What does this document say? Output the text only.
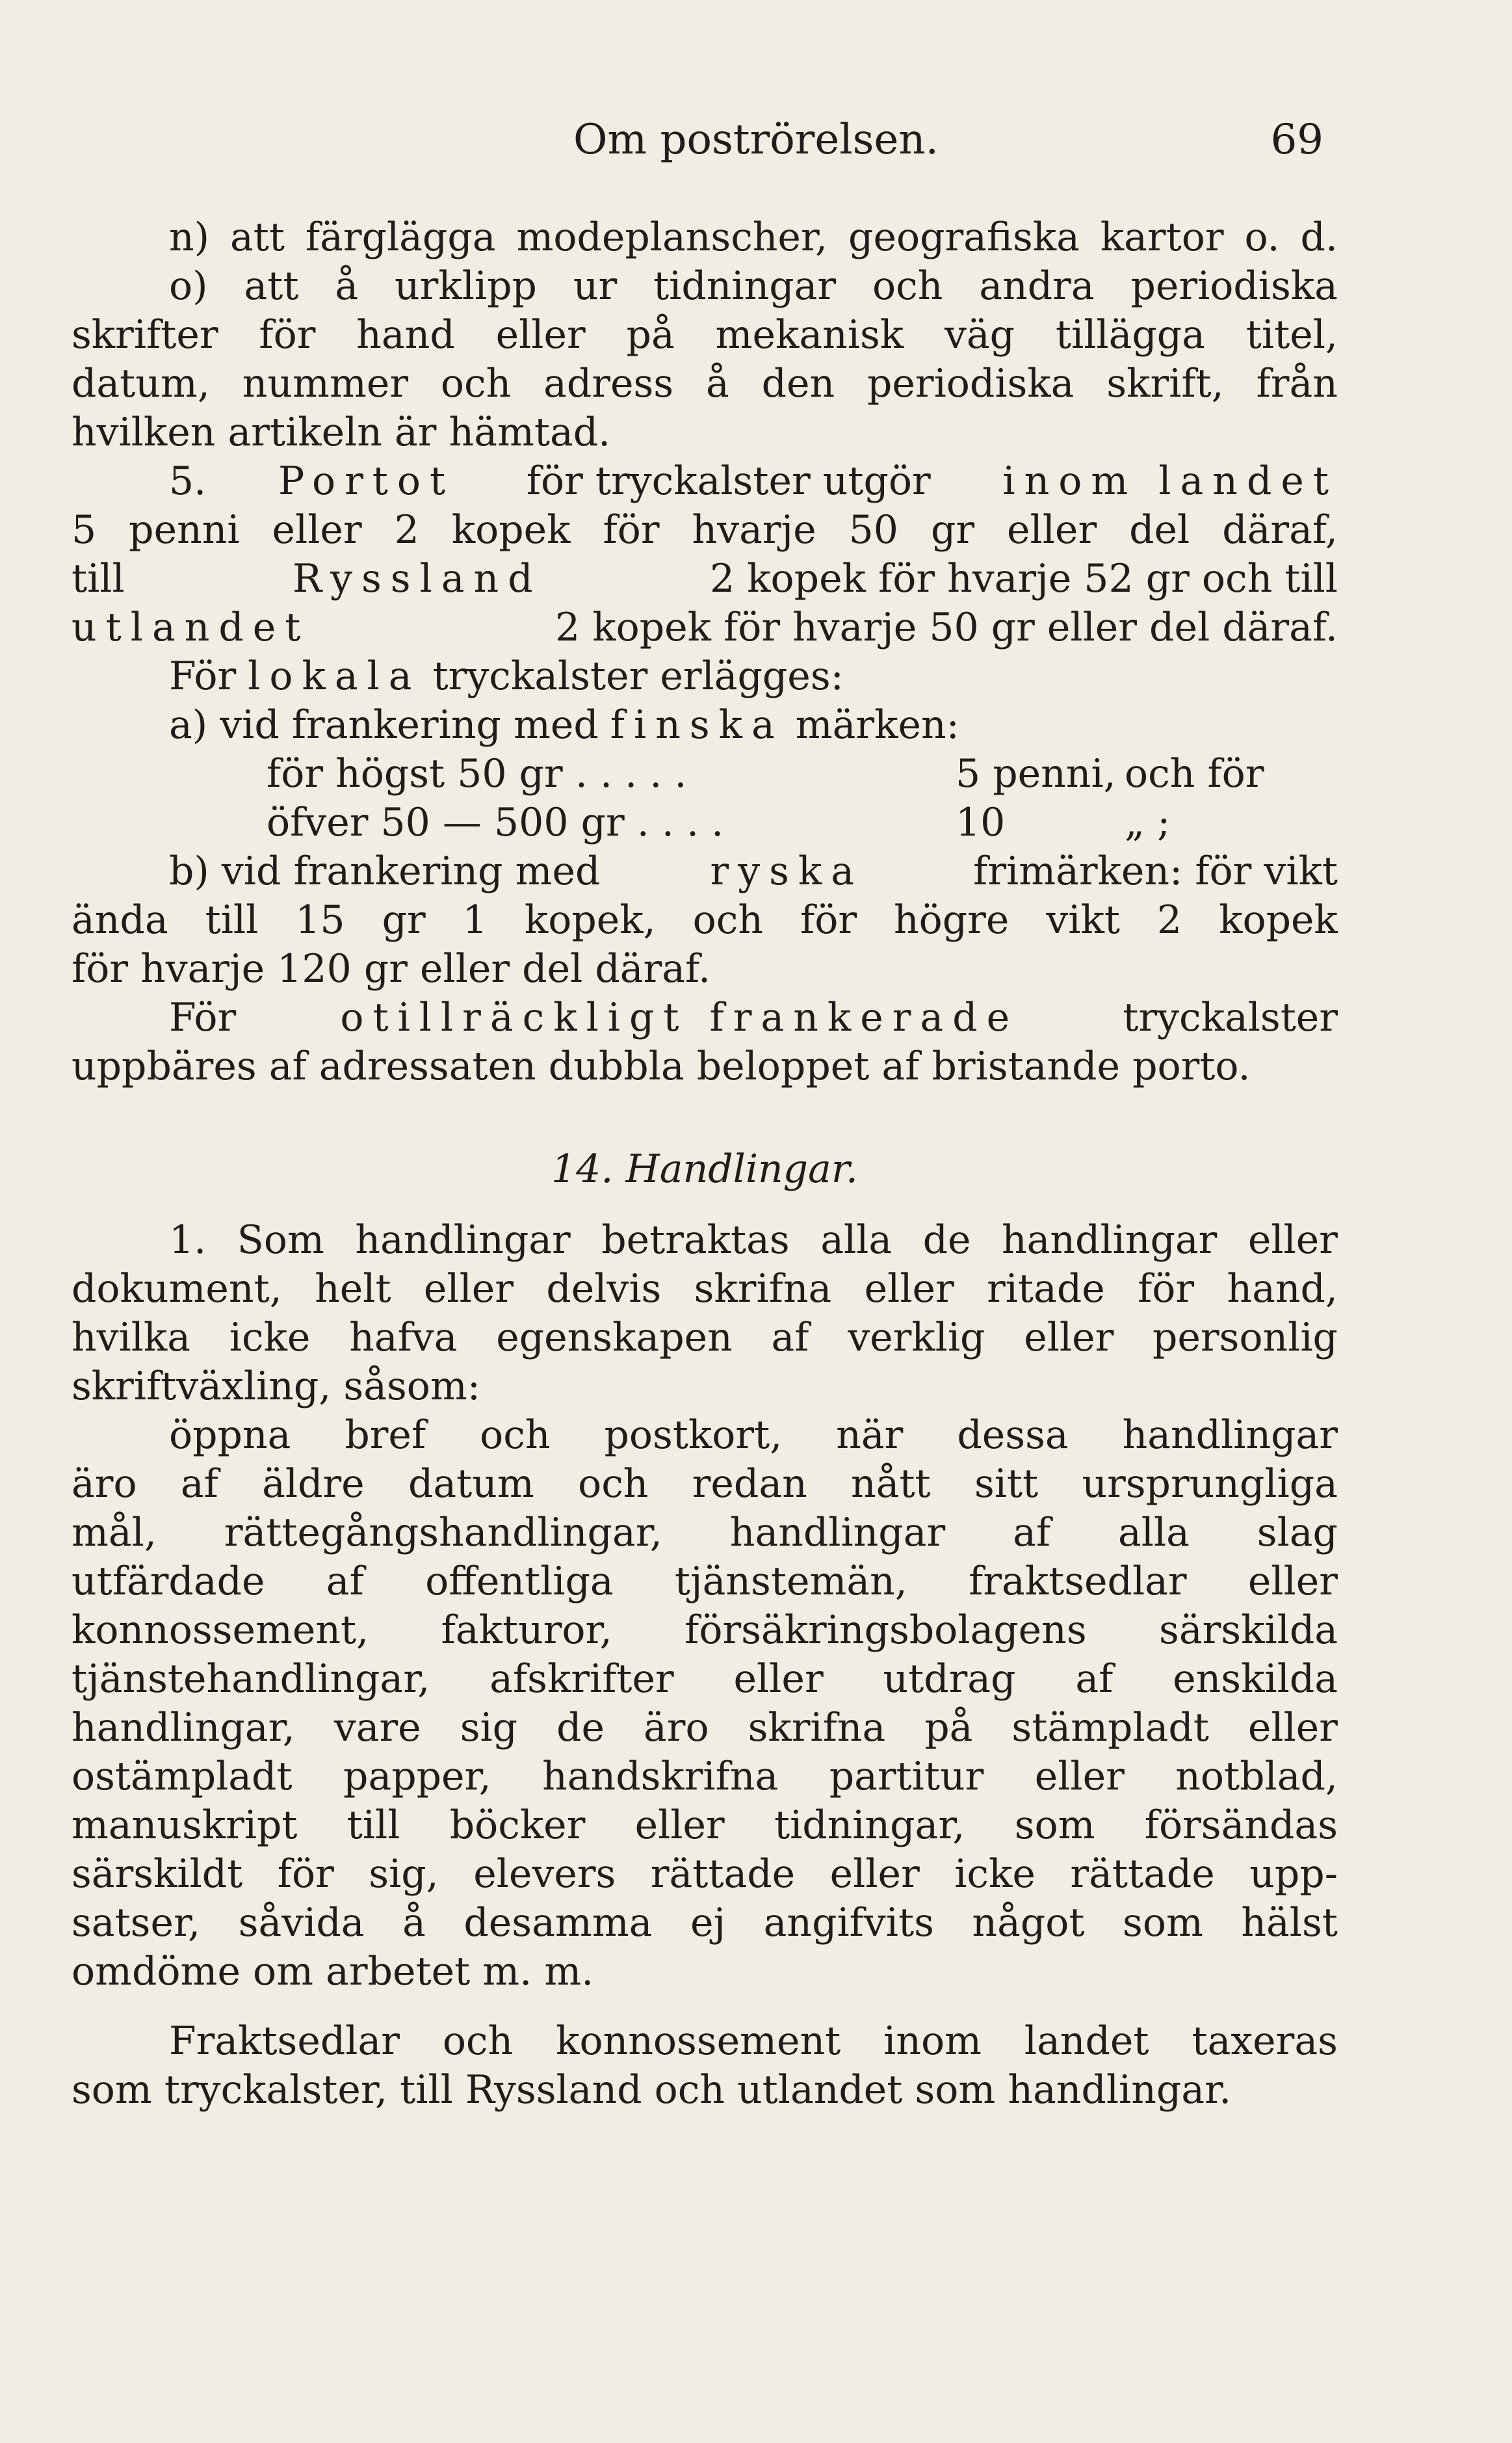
Om poströrelsen.	69
n) att färglägga modeplanscher, geografiska kartor o. d.
o) att å urklipp ur tidningar och andra periodiska
skrifter för hand eller på mekanisk väg tillägga titel,
datum, nummer och adress å den periodiska skrift, från
hvilken artikeln är hämtad.
5. Portot för tryckalster utgör inom landet
5 penni eller 2 kopek för hvarje 50 gr eller del däraf,
till	Ryssland	2 kopek för hvarje 52 gr och till
utlandet	2 kopek för hvarje 50 gr eller del däraf.
För lokala tryckalster erlägges:
a) vid frankering med finska märken:
för högst 50 gr . . . . .	5 penni, och för
öfver 50 — 500 gr . . . .	10	„ ;
b) vid frankering med	ryska	frimärken: för vikt
ända till 15 gr 1 kopek, och för högre vikt 2 kopek
för hvarje 120 gr eller del däraf.
För	otillräckligt frankerade	tryckalster
uppbäres af adressaten dubbla beloppet af bristande porto.
14. Handlingar.
1. Som handlingar betraktas alla de handlingar eller
dokument, helt eller delvis skrifna eller ritade för hand,
hvilka icke hafva egenskapen af verklig eller personlig
skriftväxling, såsom:
öppna bref och postkort, när dessa handlingar
äro af äldre datum och redan nått sitt ursprungliga
mål, rättegångshandlingar, handlingar af alla slag
utfärdade af offentliga tjänstemän, fraktsedlar eller
konnossement, fakturor, försäkringsbolagens särskilda
tjänstehandlingar, afskrifter eller utdrag af enskilda
handlingar, vare sig de äro skrifna på stämpladt eller
ostämpladt papper, handskrifna partitur eller notblad,
manuskript till böcker eller tidningar, som försändas
särskildt för sig, elevers rättade eller icke rättade upp-
satser, såvida å desamma ej angifvits något som hälst
omdöme om arbetet m. m.
Fraktsedlar och konnossement inom landet taxeras
som tryckalster, till Ryssland och utlandet som handlingar.
